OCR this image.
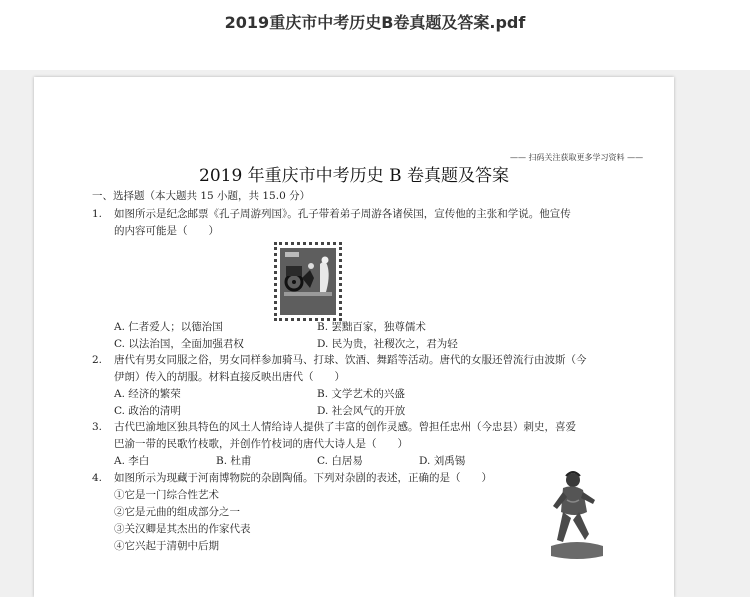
2019重庆市中考历史B卷真题及答案.pdf
—— 扫码关注获取更多学习资料 ——
2019 年重庆市中考历史 B 卷真题及答案
一、选择题（本大题共 15 小题，共 15.0 分）
1. 如图所示是纪念邮票《孔子周游列国》。孔子带着弟子周游各诸侯国，宣传他的主张和学说。他宣传
的内容可能是（　　）
A. 仁者爱人；以德治国	B. 罢黜百家，独尊儒术
C. 以法治国，全面加强君权	D. 民为贵，社稷次之，君为轻
2. 唐代有男女同服之俗，男女同样参加骑马、打球、饮酒、舞蹈等活动。唐代的女服还曾流行由波斯（今
伊朗）传入的胡服。材料直接反映出唐代（　　）
A. 经济的繁荣	B. 文学艺术的兴盛
C. 政治的清明	D. 社会风气的开放
3. 古代巴渝地区独具特色的风土人情给诗人提供了丰富的创作灵感。曾担任忠州（今忠县）刺史，喜爱
巴渝一带的民歌竹枝歌，并创作竹枝词的唐代大诗人是（　　）
A. 李白	B. 杜甫	C. 白居易	D. 刘禹锡
4. 如图所示为现藏于河南博物院的杂剧陶俑。下列对杂剧的表述，正确的是（　　）
①它是一门综合性艺术
②它是元曲的组成部分之一
③关汉卿是其杰出的作家代表
④它兴起于清朝中后期
